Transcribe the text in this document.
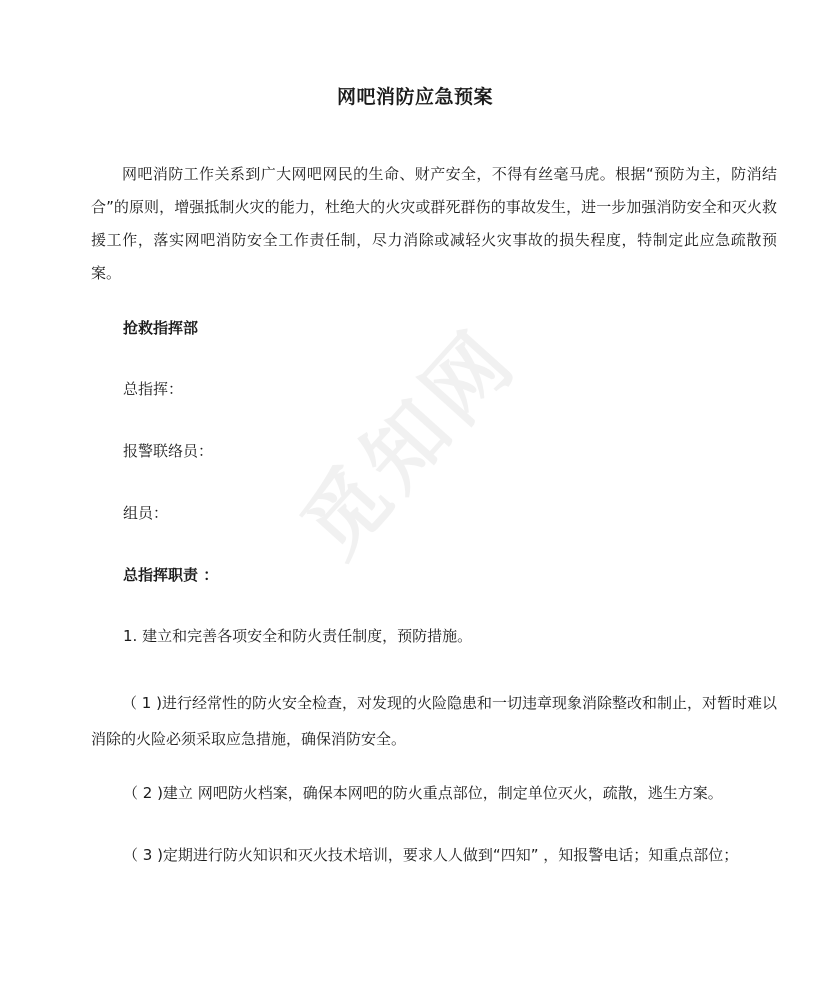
觅知网
网吧消防应急预案

网吧消防工作关系到广大网吧网民的生命、财产安全，不得有丝毫马虎。根据“预防为主，防消结合”的原则，增强抵制火灾的能力，杜绝大的火灾或群死群伤的事故发生，进一步加强消防安全和灭火救援工作，落实网吧消防安全工作责任制，尽力消除或减轻火灾事故的损失程度，特制定此应急疏散预案。

抢救指挥部

总指挥：

报警联络员：

组员：

总指挥职责 ：

1. 建立和完善各项安全和防火责任制度，预防措施。

（ 1 )进行经常性的防火安全检查，对发现的火险隐患和一切违章现象消除整改和制止，对暂时难以消除的火险必须采取应急措施，确保消防安全。

（ 2 )建立 网吧防火档案，确保本网吧的防火重点部位，制定单位灭火，疏散，逃生方案。

（ 3 )定期进行防火知识和灭火技术培训，要求人人做到“四知” ，知报警电话；知重点部位；
